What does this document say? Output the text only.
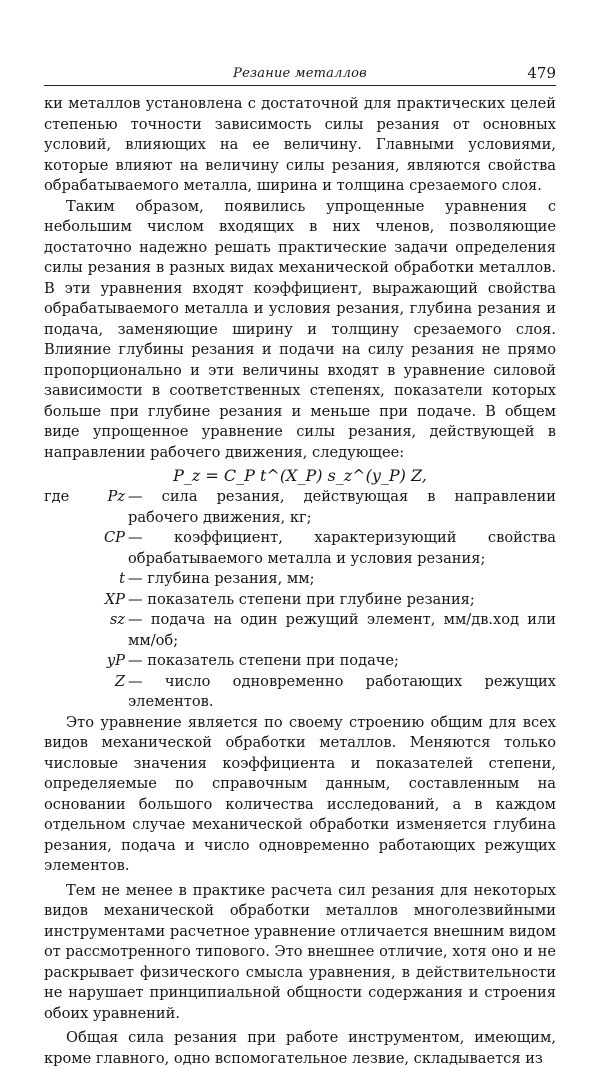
Резание металлов	479

ки металлов установлена с достаточной для практических целей степенью точности зависимость силы резания от основных условий, влияющих на ее величину. Главными условиями, которые влияют на величину силы резания, являются свойства обрабатываемого металла, ширина и толщина срезаемого слоя.

Таким образом, появились упрощенные уравнения с небольшим числом входящих в них членов, позволяющие достаточно надежно решать практические задачи определения силы резания в разных видах механической обработки металлов. В эти уравнения входят коэффициент, выражающий свойства обрабатываемого металла и условия резания, глубина резания и подача, заменяющие ширину и толщину срезаемого слоя. Влияние глубины резания и подачи на силу резания не прямо пропорционально и эти величины входят в уравнение силовой зависимости в соответственных степенях, показатели которых больше при глубине резания и меньше при подаче. В общем виде упрощенное уравнение силы резания, действующей в направлении рабочего движения, следующее:

P_z = C_P t^(X_P) s_z^(y_P) Z,
где	Pz	— сила резания, действующая в направлении рабочего движения, кг;
CP	— коэффициент, характеризующий свойства обрабатываемого металла и условия резания;
t	— глубина резания, мм;
XP	— показатель степени при глубине резания;
sz	— подача на один режущий элемент, мм/дв.ход или мм/об;
yP	— показатель степени при подаче;
Z	— число одновременно работающих режущих элементов.

Это уравнение является по своему строению общим для всех видов механической обработки металлов. Меняются только числовые значения коэффициента и показателей степени, определяемые по справочным данным, составленным на основании большого количества исследований, а в каждом отдельном случае механической обработки изменяется глубина резания, подача и число одновременно работающих режущих элементов.

Тем не менее в практике расчета сил резания для некоторых видов механической обработки металлов многолезвийными инструментами расчетное уравнение отличается внешним видом от рассмотренного типового. Это внешнее отличие, хотя оно и не раскрывает физического смысла уравнения, в действительности не нарушает принципиальной общности содержания и строения обоих уравнений.

Общая сила резания при работе инструментом, имеющим, кроме главного, одно вспомогательное лезвие, складывается из
